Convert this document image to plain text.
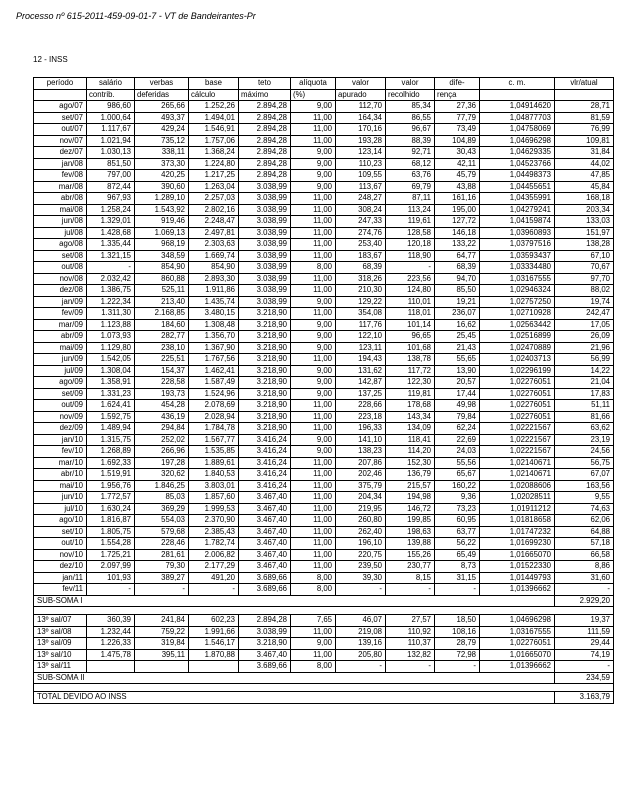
Processo nº 615-2011-459-09-01-7 - VT de Bandeirantes-Pr
12 - INSS
período	salário	verbas	base	teto	alíquota	valor	valor	dife-	c. m.	vlr/atual
	contrib.	deferidas	cálculo	máximo	(%)	apurado	recolhido	rença		
ago/07	986,60	265,66	1.252,26	2.894,28	9,00	112,70	85,34	27,36	1,04914620	28,71
set/07	1.000,64	493,37	1.494,01	2.894,28	11,00	164,34	86,55	77,79	1,04877703	81,59
out/07	1.117,67	429,24	1.546,91	2.894,28	11,00	170,16	96,67	73,49	1,04758069	76,99
nov/07	1.021,94	735,12	1.757,06	2.894,28	11,00	193,28	88,39	104,89	1,04696298	109,81
dez/07	1.030,13	338,11	1.368,24	2.894,28	9,00	123,14	92,71	30,43	1,04629335	31,84
jan/08	851,50	373,30	1.224,80	2.894,28	9,00	110,23	68,12	42,11	1,04523766	44,02
fev/08	797,00	420,25	1.217,25	2.894,28	9,00	109,55	63,76	45,79	1,04498373	47,85
mar/08	872,44	390,60	1.263,04	3.038,99	9,00	113,67	69,79	43,88	1,04455651	45,84
abr/08	967,93	1.289,10	2.257,03	3.038,99	11,00	248,27	87,11	161,16	1,04355991	168,18
mai/08	1.258,24	1.543,92	2.802,16	3.038,99	11,00	308,24	113,24	195,00	1,04279241	203,34
jun/08	1.329,01	919,46	2.248,47	3.038,99	11,00	247,33	119,61	127,72	1,04159874	133,03
jul/08	1.428,68	1.069,13	2.497,81	3.038,99	11,00	274,76	128,58	146,18	1,03960893	151,97
ago/08	1.335,44	968,19	2.303,63	3.038,99	11,00	253,40	120,18	133,22	1,03797516	138,28
set/08	1.321,15	348,59	1.669,74	3.038,99	11,00	183,67	118,90	64,77	1,03593437	67,10
out/08	-	854,90	854,90	3.038,99	8,00	68,39	-	68,39	1,03334480	70,67
nov/08	2.032,42	860,88	2.893,30	3.038,99	11,00	318,26	223,56	94,70	1,03167555	97,70
dez/08	1.386,75	525,11	1.911,86	3.038,99	11,00	210,30	124,80	85,50	1,02946324	88,02
jan/09	1.222,34	213,40	1.435,74	3.038,99	9,00	129,22	110,01	19,21	1,02757250	19,74
fev/09	1.311,30	2.168,85	3.480,15	3.218,90	11,00	354,08	118,01	236,07	1,02710928	242,47
mar/09	1.123,88	184,60	1.308,48	3.218,90	9,00	117,76	101,14	16,62	1,02563442	17,05
abr/09	1.073,93	282,77	1.356,70	3.218,90	9,00	122,10	96,65	25,45	1,02516899	26,09
mai/09	1.129,80	238,10	1.367,90	3.218,90	9,00	123,11	101,68	21,43	1,02470889	21,96
jun/09	1.542,05	225,51	1.767,56	3.218,90	11,00	194,43	138,78	55,65	1,02403713	56,99
jul/09	1.308,04	154,37	1.462,41	3.218,90	9,00	131,62	117,72	13,90	1,02296199	14,22
ago/09	1.358,91	228,58	1.587,49	3.218,90	9,00	142,87	122,30	20,57	1,02276051	21,04
set/09	1.331,23	193,73	1.524,96	3.218,90	9,00	137,25	119,81	17,44	1,02276051	17,83
out/09	1.624,41	454,28	2.078,69	3.218,90	11,00	228,66	178,68	49,98	1,02276051	51,11
nov/09	1.592,75	436,19	2.028,94	3.218,90	11,00	223,18	143,34	79,84	1,02276051	81,66
dez/09	1.489,94	294,84	1.784,78	3.218,90	11,00	196,33	134,09	62,24	1,02221567	63,62
jan/10	1.315,75	252,02	1.567,77	3.416,24	9,00	141,10	118,41	22,69	1,02221567	23,19
fev/10	1.268,89	266,96	1.535,85	3.416,24	9,00	138,23	114,20	24,03	1,02221567	24,56
mar/10	1.692,33	197,28	1.889,61	3.416,24	11,00	207,86	152,30	55,56	1,02140671	56,75
abr/10	1.519,91	320,62	1.840,53	3.416,24	11,00	202,46	136,79	65,67	1,02140671	67,07
mai/10	1.956,76	1.846,25	3.803,01	3.416,24	11,00	375,79	215,57	160,22	1,02088606	163,56
jun/10	1.772,57	85,03	1.857,60	3.467,40	11,00	204,34	194,98	9,36	1,02028511	9,55
jul/10	1.630,24	369,29	1.999,53	3.467,40	11,00	219,95	146,72	73,23	1,01911212	74,63
ago/10	1.816,87	554,03	2.370,90	3.467,40	11,00	260,80	199,85	60,95	1,01818658	62,06
set/10	1.805,75	579,68	2.385,43	3.467,40	11,00	262,40	198,63	63,77	1,01747232	64,88
out/10	1.554,28	228,46	1.782,74	3.467,40	11,00	196,10	139,88	56,22	1,01699230	57,18
nov/10	1.725,21	281,61	2.006,82	3.467,40	11,00	220,75	155,26	65,49	1,01665070	66,58
dez/10	2.097,99	79,30	2.177,29	3.467,40	11,00	239,50	230,77	8,73	1,01522330	8,86
jan/11	101,93	389,27	491,20	3.689,66	8,00	39,30	8,15	31,15	1,01449793	31,60
fev/11	-	-	-	3.689,66	8,00	-	-	-	1,01396662	-
SUB-SOMA I										2.929,20

13º sal/07	360,39	241,84	602,23	2.894,28	7,65	46,07	27,57	18,50	1,04696298	19,37
13º sal/08	1.232,44	759,22	1.991,66	3.038,99	11,00	219,08	110,92	108,16	1,03167555	111,59
13º sal/09	1.226,33	319,84	1.546,17	3.218,90	9,00	139,16	110,37	28,79	1,02276051	29,44
13º sal/10	1.475,78	395,11	1.870,88	3.467,40	11,00	205,80	132,82	72,98	1,01665070	74,19
13º sal/11				3.689,66	8,00	-	-	-	1,01396662	-
SUB-SOMA II										234,59

TOTAL DEVIDO AO INSS										3.163,79
